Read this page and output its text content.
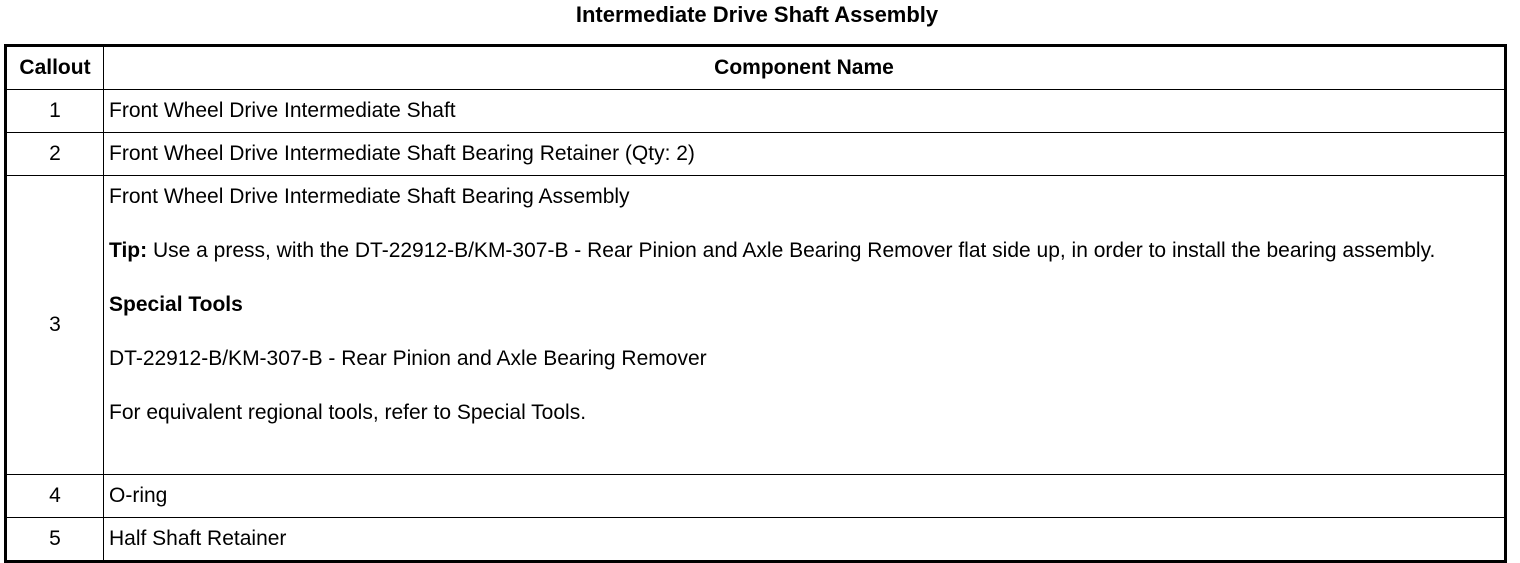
Intermediate Drive Shaft Assembly
Callout	Component Name
1	Front Wheel Drive Intermediate Shaft
2	Front Wheel Drive Intermediate Shaft Bearing Retainer (Qty: 2)
3	Front Wheel Drive Intermediate Shaft Bearing Assembly

Tip: Use a press, with the DT-22912-B/KM-307-B - Rear Pinion and Axle Bearing Remover flat side up, in order to install the bearing assembly.

Special Tools

DT-22912-B/KM-307-B - Rear Pinion and Axle Bearing Remover

For equivalent regional tools, refer to Special Tools.

4	O-ring
5	Half Shaft Retainer
